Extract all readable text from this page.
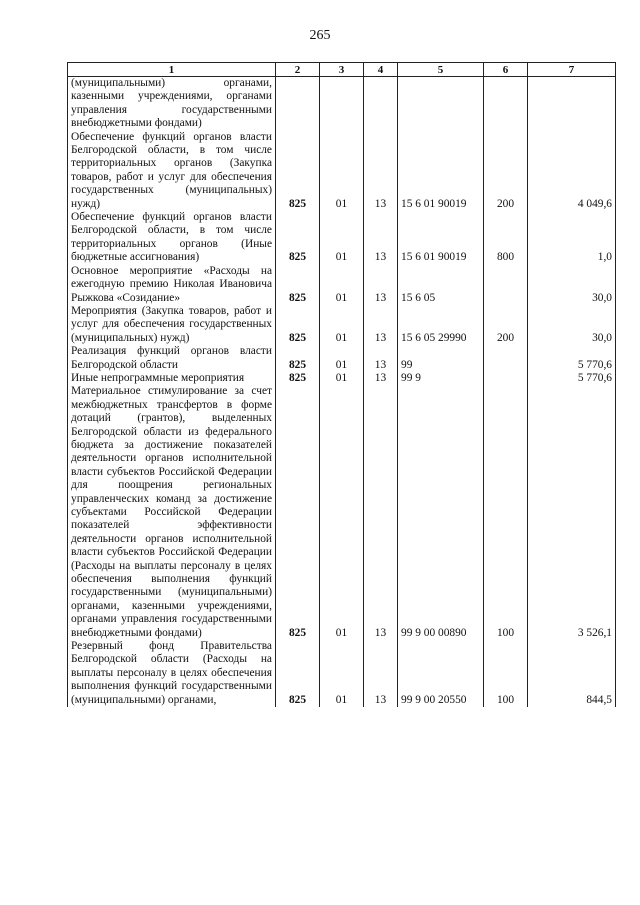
265
1	2	3	4	5	6	7
(муниципальными) органами, казенными учреждениями, органами управления государственными внебюджетными фондами)						
Обеспечение функций органов власти Белгородской области, в том числе территориальных органов (Закупка товаров, работ и услуг для обеспечения государственных (муниципальных) нужд)	825	01	13	15 6 01 90019	200	4 049,6
Обеспечение функций органов власти Белгородской области, в том числе территориальных органов (Иные бюджетные ассигнования)	825	01	13	15 6 01 90019	800	1,0
Основное мероприятие «Расходы на ежегодную премию Николая Ивановича Рыжкова «Созидание»	825	01	13	15 6 05		30,0
Мероприятия (Закупка товаров, работ и услуг для обеспечения государственных (муниципальных) нужд)	825	01	13	15 6 05 29990	200	30,0
Реализация функций органов власти Белгородской области	825	01	13	99		5 770,6
Иные непрограммные мероприятия	825	01	13	99 9		5 770,6
Материальное стимулирование за счет межбюджетных трансфертов в форме дотаций (грантов), выделенных Белгородской области из федерального бюджета за достижение показателей деятельности органов исполнительной власти субъектов Российской Федерации для поощрения региональных управленческих команд за достижение субъектами Российской Федерации показателей эффективности деятельности органов исполнительной власти субъектов Российской Федерации (Расходы на выплаты персоналу в целях обеспечения выполнения функций государственными (муниципальными) органами, казенными учреждениями, органами управления государственными внебюджетными фондами)	825	01	13	99 9 00 00890	100	3 526,1
Резервный фонд Правительства Белгородской области (Расходы на выплаты персоналу в целях обеспечения выполнения функций государственными (муниципальными) органами,	825	01	13	99 9 00 20550	100	844,5
